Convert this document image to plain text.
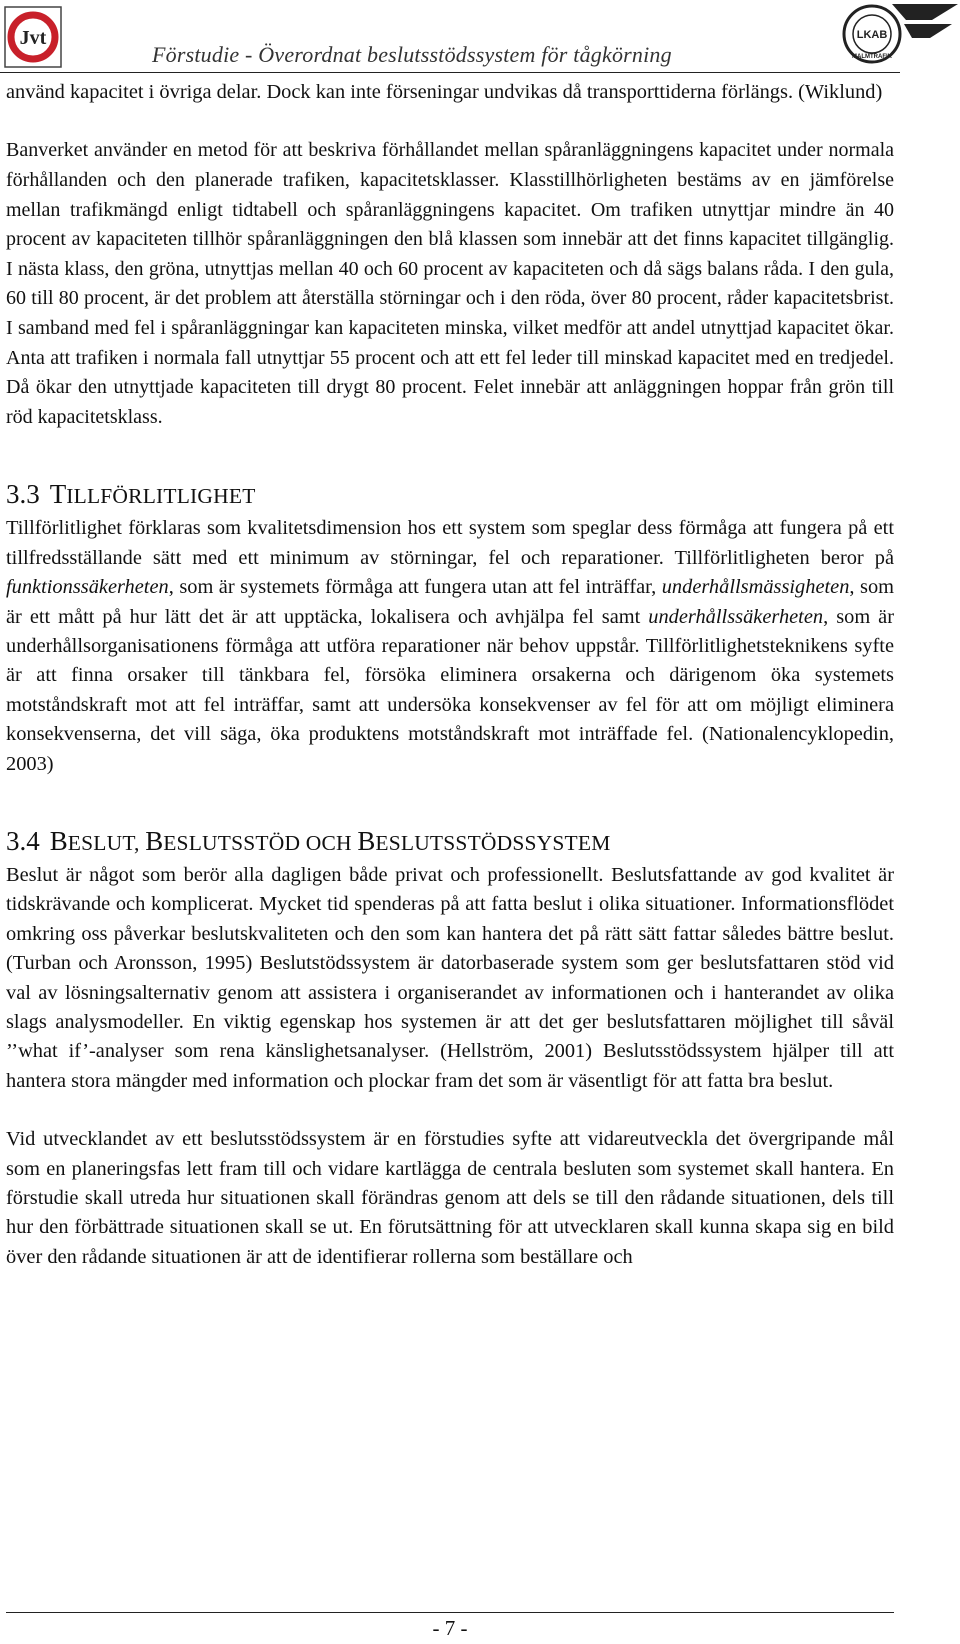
Jvt
Förstudie - Överordnat beslutsstödssystem för tågkörning
LKAB
MALMTRAFIK

använd kapacitet i övriga delar. Dock kan inte förseningar undvikas då transporttiderna förlängs. (Wiklund)

Banverket använder en metod för att beskriva förhållandet mellan spåranläggningens kapacitet under normala förhållanden och den planerade trafiken, kapacitetsklasser. Klasstillhörligheten bestäms av en jämförelse mellan trafikmängd enligt tidtabell och spåranläggningens kapacitet. Om trafiken utnyttjar mindre än 40 procent av kapaciteten tillhör spåranläggningen den blå klassen som innebär att det finns kapacitet tillgänglig. I nästa klass, den gröna, utnyttjas mellan 40 och 60 procent av kapaciteten och då sägs balans råda. I den gula, 60 till 80 procent, är det problem att återställa störningar och i den röda, över 80 procent, råder kapacitetsbrist. I samband med fel i spåranläggningar kan kapaciteten minska, vilket medför att andel utnyttjad kapacitet ökar. Anta att trafiken i normala fall utnyttjar 55 procent och att ett fel leder till minskad kapacitet med en tredjedel. Då ökar den utnyttjade kapaciteten till drygt 80 procent. Felet innebär att anläggningen hoppar från grön till röd kapacitetsklass.

3.3 TILLFÖRLITLIGHET

Tillförlitlighet förklaras som kvalitetsdimension hos ett system som speglar dess förmåga att fungera på ett tillfredsställande sätt med ett minimum av störningar, fel och reparationer. Tillförlitligheten beror på funktionssäkerheten, som är systemets förmåga att fungera utan att fel inträffar, underhållsmässigheten, som är ett mått på hur lätt det är att upptäcka, lokalisera och avhjälpa fel samt underhållssäkerheten, som är underhållsorganisationens förmåga att utföra reparationer när behov uppstår. Tillförlitlighetsteknikens syfte är att finna orsaker till tänkbara fel, försöka eliminera orsakerna och därigenom öka systemets motståndskraft mot att fel inträffar, samt att undersöka konsekvenser av fel för att om möjligt eliminera konsekvenserna, det vill säga, öka produktens motståndskraft mot inträffade fel. (Nationalencyklopedin, 2003)

3.4 BESLUT, BESLUTSSTÖD OCH BESLUTSSTÖDSSYSTEM

Beslut är något som berör alla dagligen både privat och professionellt. Beslutsfattande av god kvalitet är tidskrävande och komplicerat. Mycket tid spenderas på att fatta beslut i olika situationer. Informationsflödet omkring oss påverkar beslutskvaliteten och den som kan hantera det på rätt sätt fattar således bättre beslut. (Turban och Aronsson, 1995) Beslutstödssystem är datorbaserade system som ger beslutsfattaren stöd vid val av lösningsalternativ genom att assistera i organiserandet av informationen och i hanterandet av olika slags analysmodeller. En viktig egenskap hos systemen är att det ger beslutsfattaren möjlighet till såväl ’’what if’-analyser som rena känslighetsanalyser. (Hellström, 2001) Beslutsstödssystem hjälper till att hantera stora mängder med information och plockar fram det som är väsentligt för att fatta bra beslut.

Vid utvecklandet av ett beslutsstödssystem är en förstudies syfte att vidareutveckla det övergripande mål som en planeringsfas lett fram till och vidare kartlägga de centrala besluten som systemet skall hantera. En förstudie skall utreda hur situationen skall förändras genom att dels se till den rådande situationen, dels till hur den förbättrade situationen skall se ut. En förutsättning för att utvecklaren skall kunna skapa sig en bild över den rådande situationen är att de identifierar rollerna som beställare och

- 7 -
